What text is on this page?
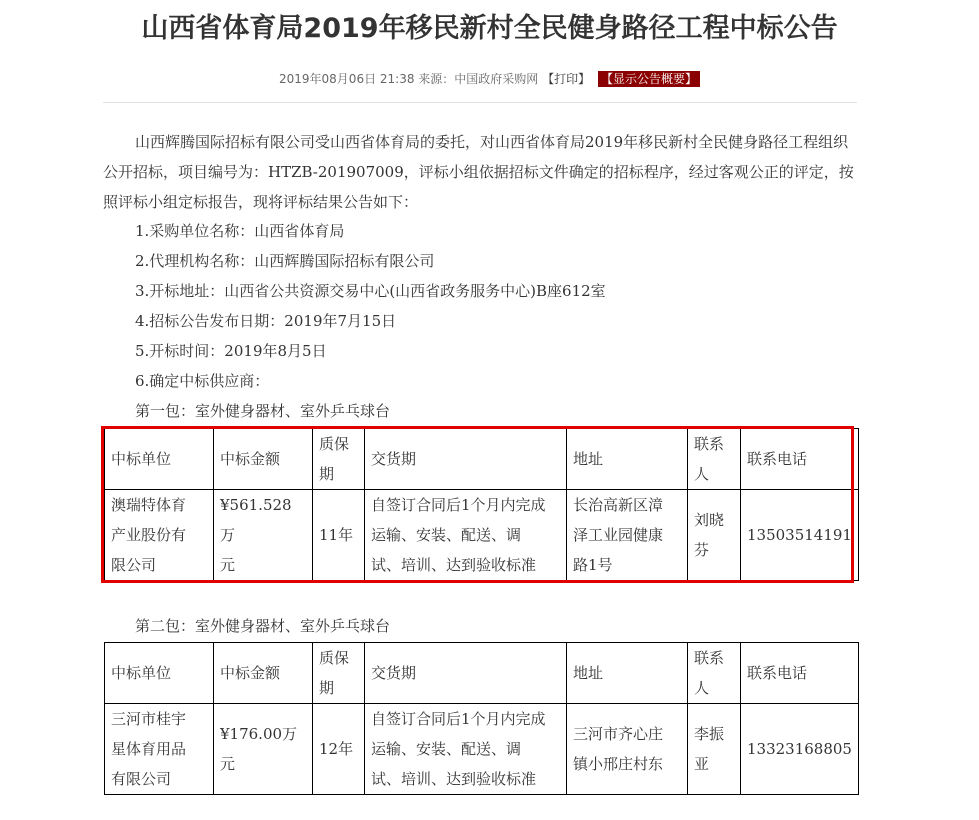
山西省体育局2019年移民新村全民健身路径工程中标公告
2019年08月06日 21:38 来源：中国政府采购网 【打印】 【显示公告概要】

山西辉腾国际招标有限公司受山西省体育局的委托，对山西省体育局2019年移民新村全民健身路径工程组织公开招标，项目编号为：HTZB-201907009，评标小组依据招标文件确定的招标程序，经过客观公正的评定，按照评标小组定标报告，现将评标结果公告如下：

1.采购单位名称：山西省体育局
2.代理机构名称：山西辉腾国际招标有限公司
3.开标地址：山西省公共资源交易中心(山西省政务服务中心)B座612室
4.招标公告发布日期：2019年7月15日
5.开标时间：2019年8月5日
6.确定中标供应商：
第一包：室外健身器材、室外乒乓球台
中标单位	中标金额	质保
期	交货期	地址	联系
人	联系电话
澳瑞特体育
产业股份有
限公司	¥561.528万
元	11年	自签订合同后1个月内完成
运输、安装、配送、调
试、培训、达到验收标准	长治高新区漳
泽工业园健康
路1号	刘晓
芬	13503514191
第二包：室外健身器材、室外乒乓球台
中标单位	中标金额	质保
期	交货期	地址	联系
人	联系电话
三河市桂宇
星体育用品
有限公司	¥176.00万
元	12年	自签订合同后1个月内完成
运输、安装、配送、调
试、培训、达到验收标准	三河市齐心庄
镇小邢庄村东	李振
亚	13323168805
